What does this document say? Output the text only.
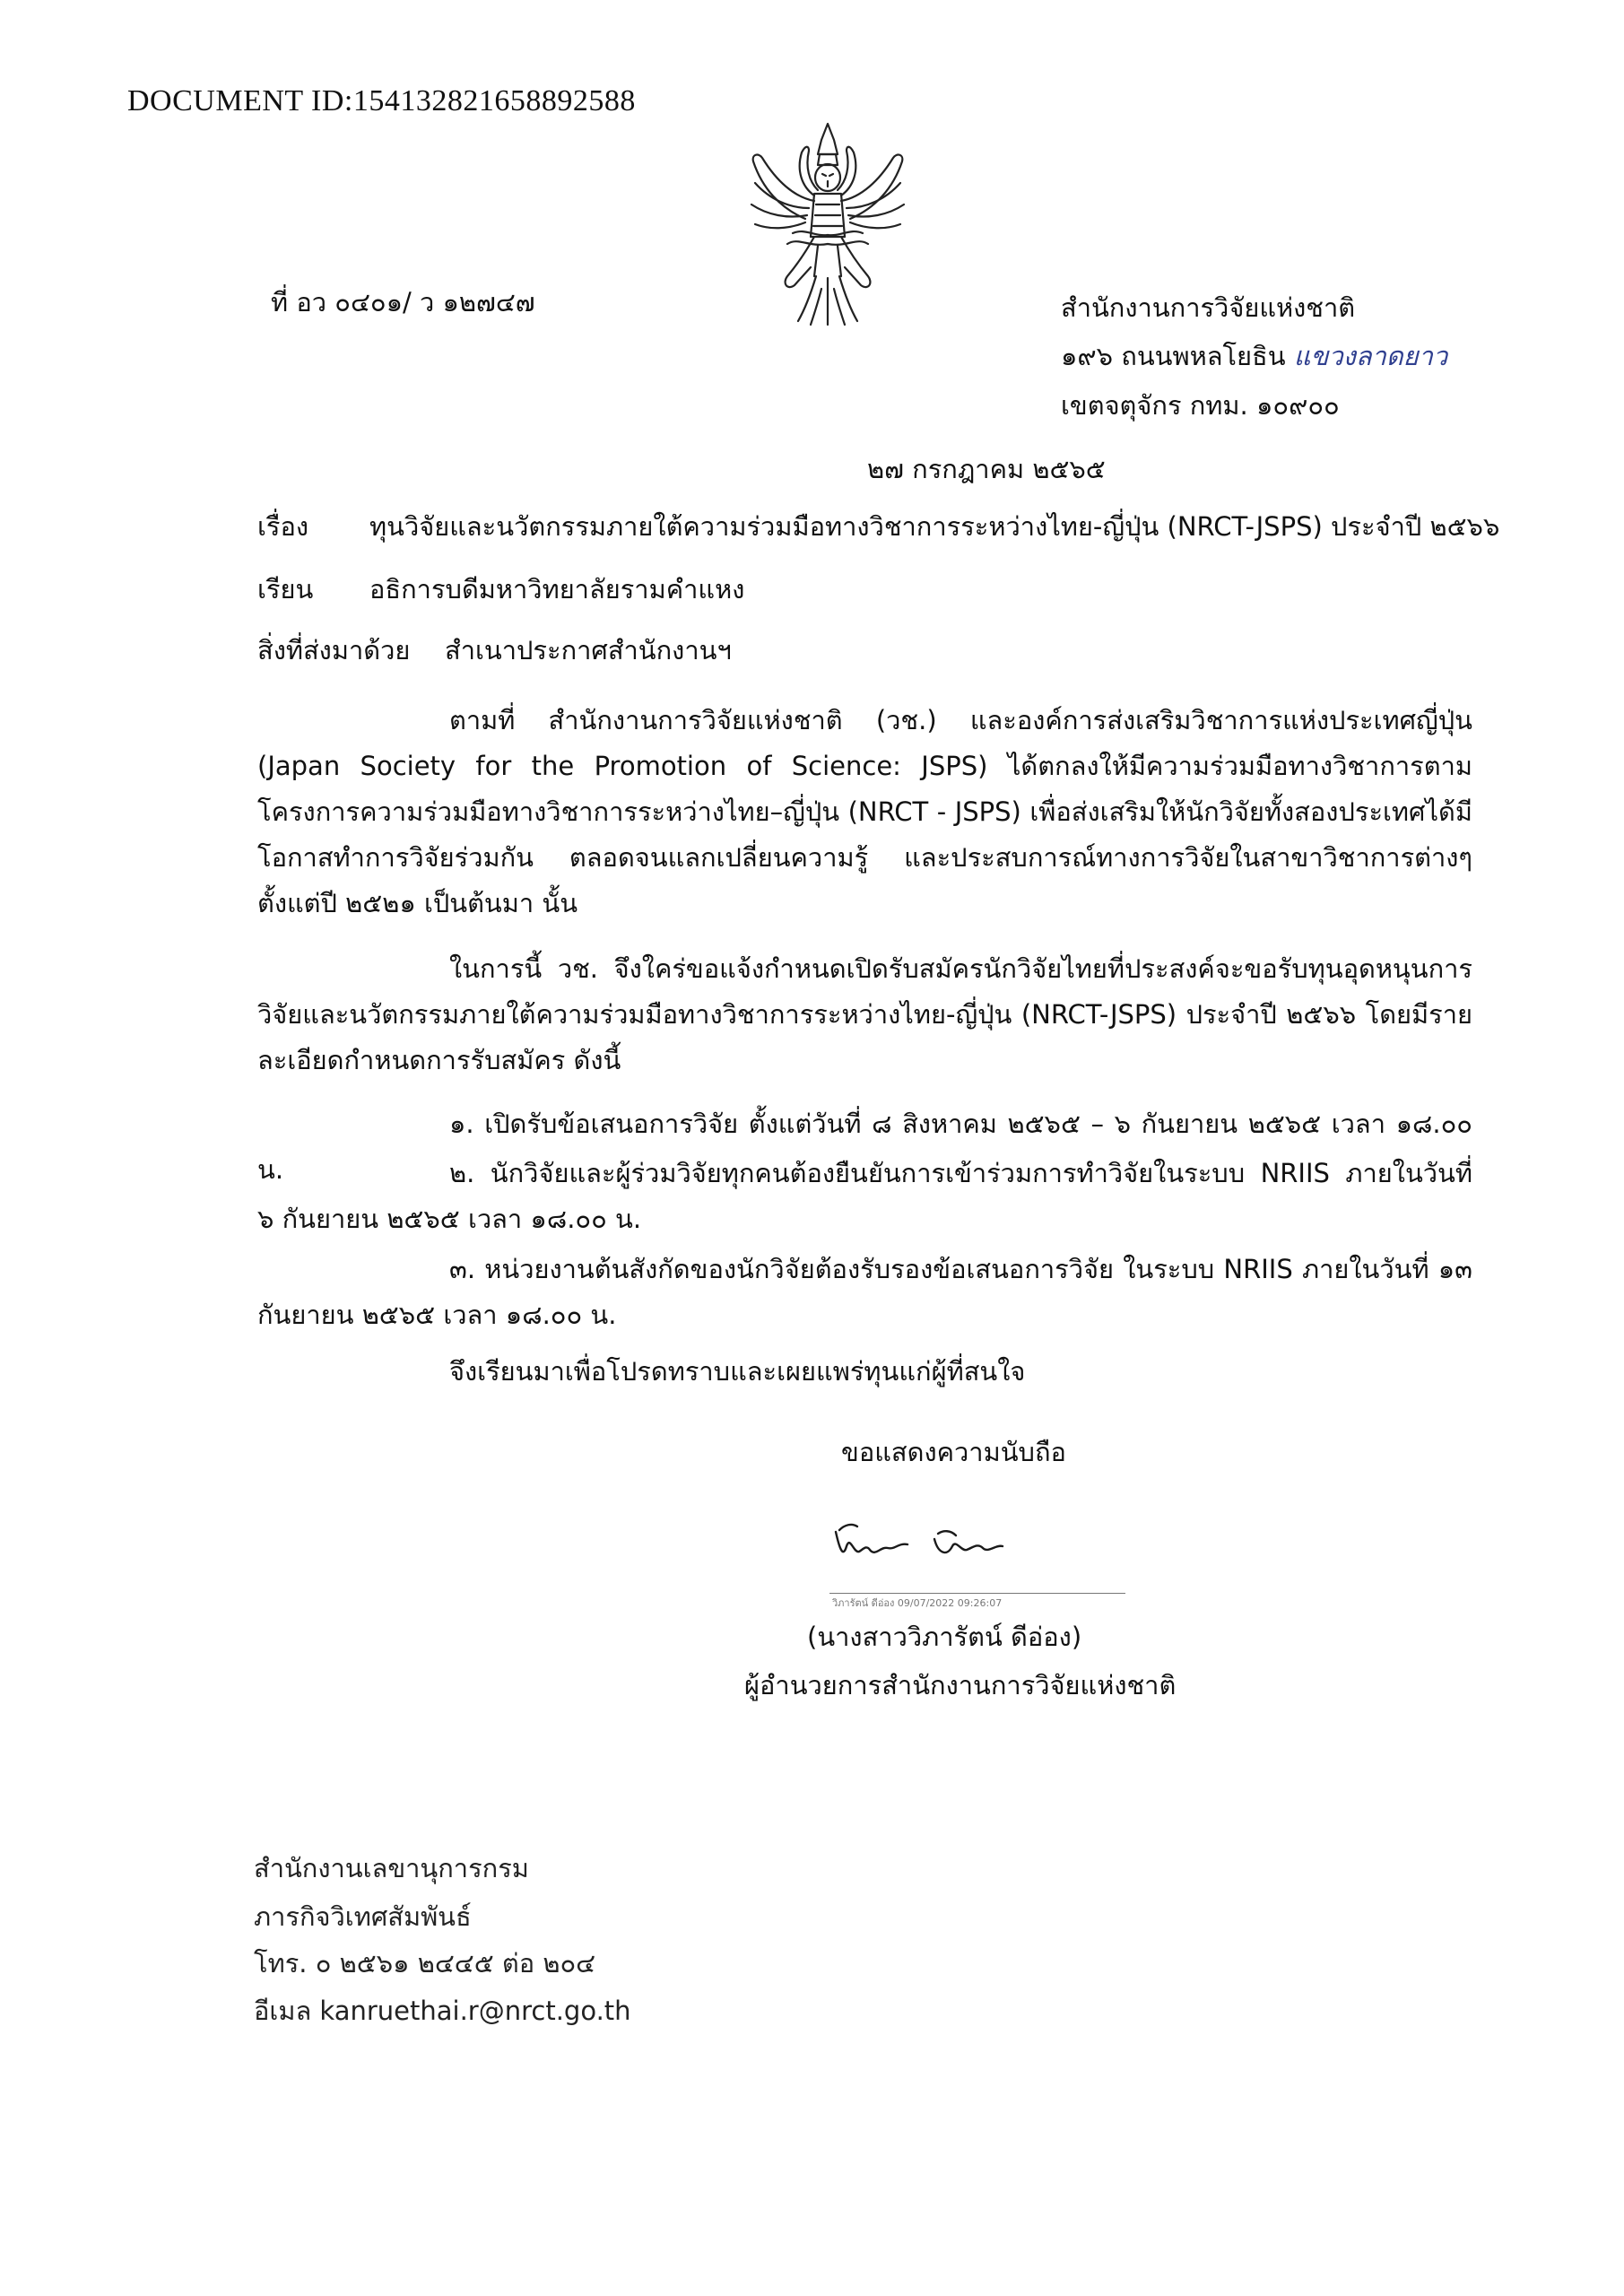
DOCUMENT ID:154132821658892588
ที่ อว ๐๔๐๑/ ว ๑๒๗๔๗	สำนักงานการวิจัยแห่งชาติ
๑๙๖ ถนนพหลโยธิน แขวงลาดยาว
เขตจตุจักร กทม. ๑๐๙๐๐
๒๗ กรกฎาคม ๒๕๖๕
เรื่อง ทุนวิจัยและนวัตกรรมภายใต้ความร่วมมือทางวิชาการระหว่างไทย-ญี่ปุ่น (NRCT-JSPS) ประจำปี ๒๕๖๖
เรียน อธิการบดีมหาวิทยาลัยรามคำแหง
สิ่งที่ส่งมาด้วย สำเนาประกาศสำนักงานฯ
ตามที่ สำนักงานการวิจัยแห่งชาติ (วช.) และองค์การส่งเสริมวิชาการแห่งประเทศญี่ปุ่น (Japan Society for the Promotion of Science: JSPS) ได้ตกลงให้มีความร่วมมือทางวิชาการตามโครงการความร่วมมือทางวิชาการระหว่างไทย–ญี่ปุ่น (NRCT - JSPS) เพื่อส่งเสริมให้นักวิจัยทั้งสองประเทศได้มีโอกาสทำการวิจัยร่วมกัน ตลอดจนแลกเปลี่ยนความรู้ และประสบการณ์ทางการวิจัยในสาขาวิชาการต่างๆ ตั้งแต่ปี ๒๕๒๑ เป็นต้นมา นั้น
ในการนี้ วช. จึงใคร่ขอแจ้งกำหนดเปิดรับสมัครนักวิจัยไทยที่ประสงค์จะขอรับทุนอุดหนุนการวิจัยและนวัตกรรมภายใต้ความร่วมมือทางวิชาการระหว่างไทย-ญี่ปุ่น (NRCT-JSPS) ประจำปี ๒๕๖๖ โดยมีรายละเอียดกำหนดการรับสมัคร ดังนี้
๑. เปิดรับข้อเสนอการวิจัย ตั้งแต่วันที่ ๘ สิงหาคม ๒๕๖๕ – ๖ กันยายน ๒๕๖๕ เวลา ๑๘.๐๐ น.	๒. นักวิจัยและผู้ร่วมวิจัยทุกคนต้องยืนยันการเข้าร่วมการทำวิจัยในระบบ NRIIS ภายในวันที่ ๖ กันยายน ๒๕๖๕ เวลา ๑๘.๐๐ น.
๓. หน่วยงานต้นสังกัดของนักวิจัยต้องรับรองข้อเสนอการวิจัย ในระบบ NRIIS ภายในวันที่ ๑๓ กันยายน ๒๕๖๕ เวลา ๑๘.๐๐ น.
จึงเรียนมาเพื่อโปรดทราบและเผยแพร่ทุนแก่ผู้ที่สนใจ
ขอแสดงความนับถือ
วิภารัตน์ ดีอ่อง 09/07/2022 09:26:07
(นางสาววิภารัตน์ ดีอ่อง)
ผู้อำนวยการสำนักงานการวิจัยแห่งชาติ
สำนักงานเลขานุการกรม
ภารกิจวิเทศสัมพันธ์
โทร. ๐ ๒๕๖๑ ๒๔๔๕ ต่อ ๒๐๔
อีเมล kanruethai.r@nrct.go.th
